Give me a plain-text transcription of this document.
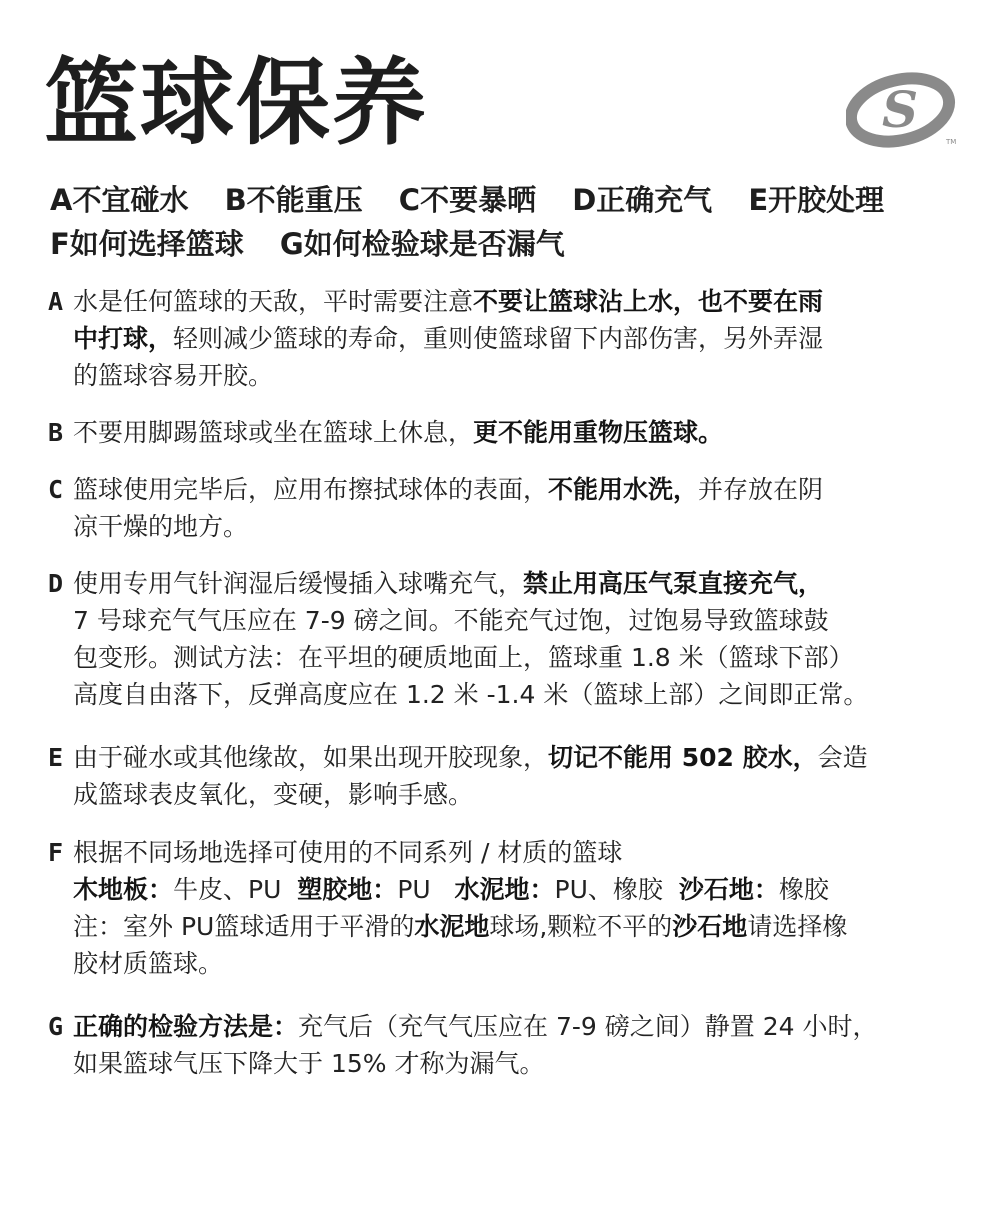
篮球保养	S
TM
A不宜碰水 B不能重压 C不要暴晒 D正确充气 E开胶处理
F如何选择篮球 G如何检验球是否漏气
A 水是任何篮球的天敌，平时需要注意不要让篮球沾上水，也不要在雨
中打球，轻则减少篮球的寿命，重则使篮球留下内部伤害，另外弄湿
的篮球容易开胶。
B 不要用脚踢篮球或坐在篮球上休息，更不能用重物压篮球。
C 篮球使用完毕后，应用布擦拭球体的表面，不能用水洗，并存放在阴
凉干燥的地方。
D 使用专用气针润湿后缓慢插入球嘴充气，禁止用高压气泵直接充气，
7 号球充气气压应在 7-9 磅之间。不能充气过饱，过饱易导致篮球鼓
包变形。测试方法：在平坦的硬质地面上，篮球重 1.8 米（篮球下部）
高度自由落下，反弹高度应在 1.2 米 -1.4 米（篮球上部）之间即正常。
E 由于碰水或其他缘故，如果出现开胶现象，切记不能用 502 胶水，会造
成篮球表皮氧化，变硬，影响手感。
F 根据不同场地选择可使用的不同系列 / 材质的篮球
木地板：牛皮、PU 塑胶地：PU 水泥地：PU、橡胶 沙石地：橡胶
注：室外 PU篮球适用于平滑的水泥地球场,颗粒不平的沙石地请选择橡
胶材质篮球。
G 正确的检验方法是：充气后（充气气压应在 7-9 磅之间）静置 24 小时，
如果篮球气压下降大于 15% 才称为漏气。
